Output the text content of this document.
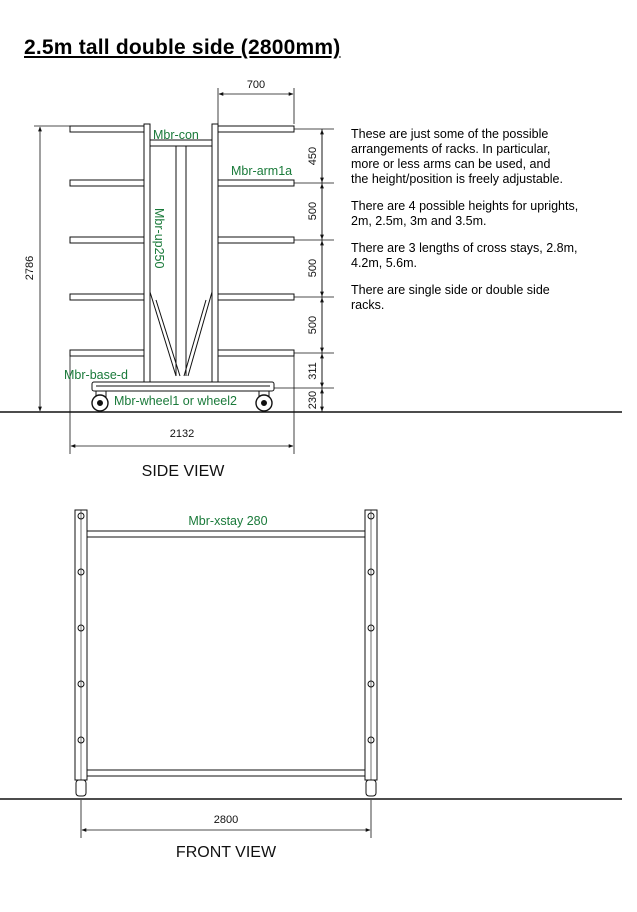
2.5m tall double side (2800mm)

These are just some of the possible
arrangements of racks. In particular,
more or less arms can be used, and
the height/position is freely adjustable.

There are 4 possible heights for uprights,
2m, 2.5m, 3m and 3.5m.

There are 3 lengths of cross stays, 2.8m,
4.2m, 5.6m.

There are single side or double side
racks.

700
2786
2132
450
500
500
500
311
230
SIDE VIEW
Mbr-con
Mbr-arm1a
Mbr-up250
Mbr-base-d
Mbr-wheel1 or wheel2
Mbr-xstay 280
2800
FRONT VIEW
